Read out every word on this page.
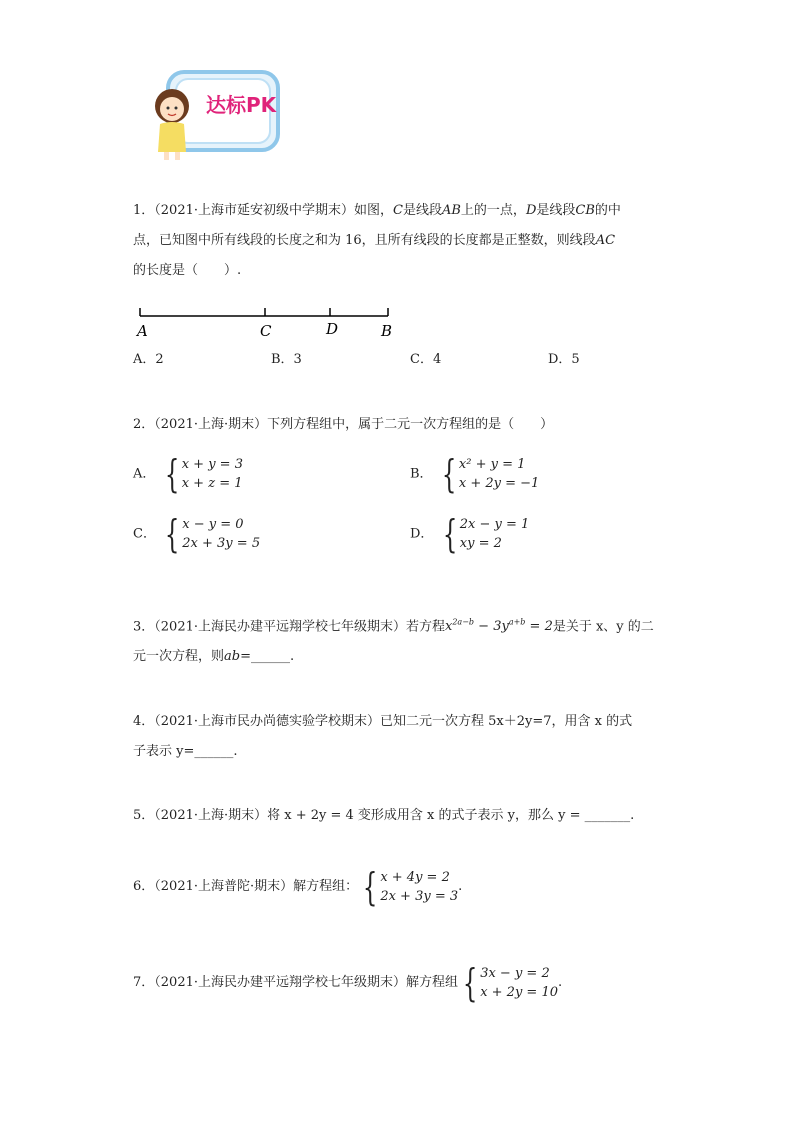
达标PK
1．（2021·上海市延安初级中学期末）如图，C是线段AB上的一点，D是线段CB的中
点，已知图中所有线段的长度之和为 16，且所有线段的长度都是正整数，则线段AC
的长度是（　　）.
A	C	D	B
A．2	B．3	C．4	D．5
2．（2021·上海·期末）下列方程组中，属于二元一次方程组的是（　　）
A． { x + y = 3
x + z = 1
B． { x² + y = 1
x + 2y = −1
C． { x − y = 0
2x + 3y = 5
D． { 2x − y = 1
xy = 2
3．（2021·上海民办建平远翔学校七年级期末）若方程$x^{2a-b} - 3y^{a+b} = 2$是关于 x、y 的二
元一次方程，则ab=______.
4．（2021·上海市民办尚德实验学校期末）已知二元一次方程 5x＋2y=7，用含 x 的式
子表示 y=______.
5．（2021·上海·期末）将 x + 2y = 4 变形成用含 x 的式子表示 y，那么 y = _______.
6．（2021·上海普陀·期末）解方程组： { x + 4y = 2
2x + 3y = 3
.
7．（2021·上海民办建平远翔学校七年级期末）解方程组 { 3x − y = 2
x + 2y = 10
.
